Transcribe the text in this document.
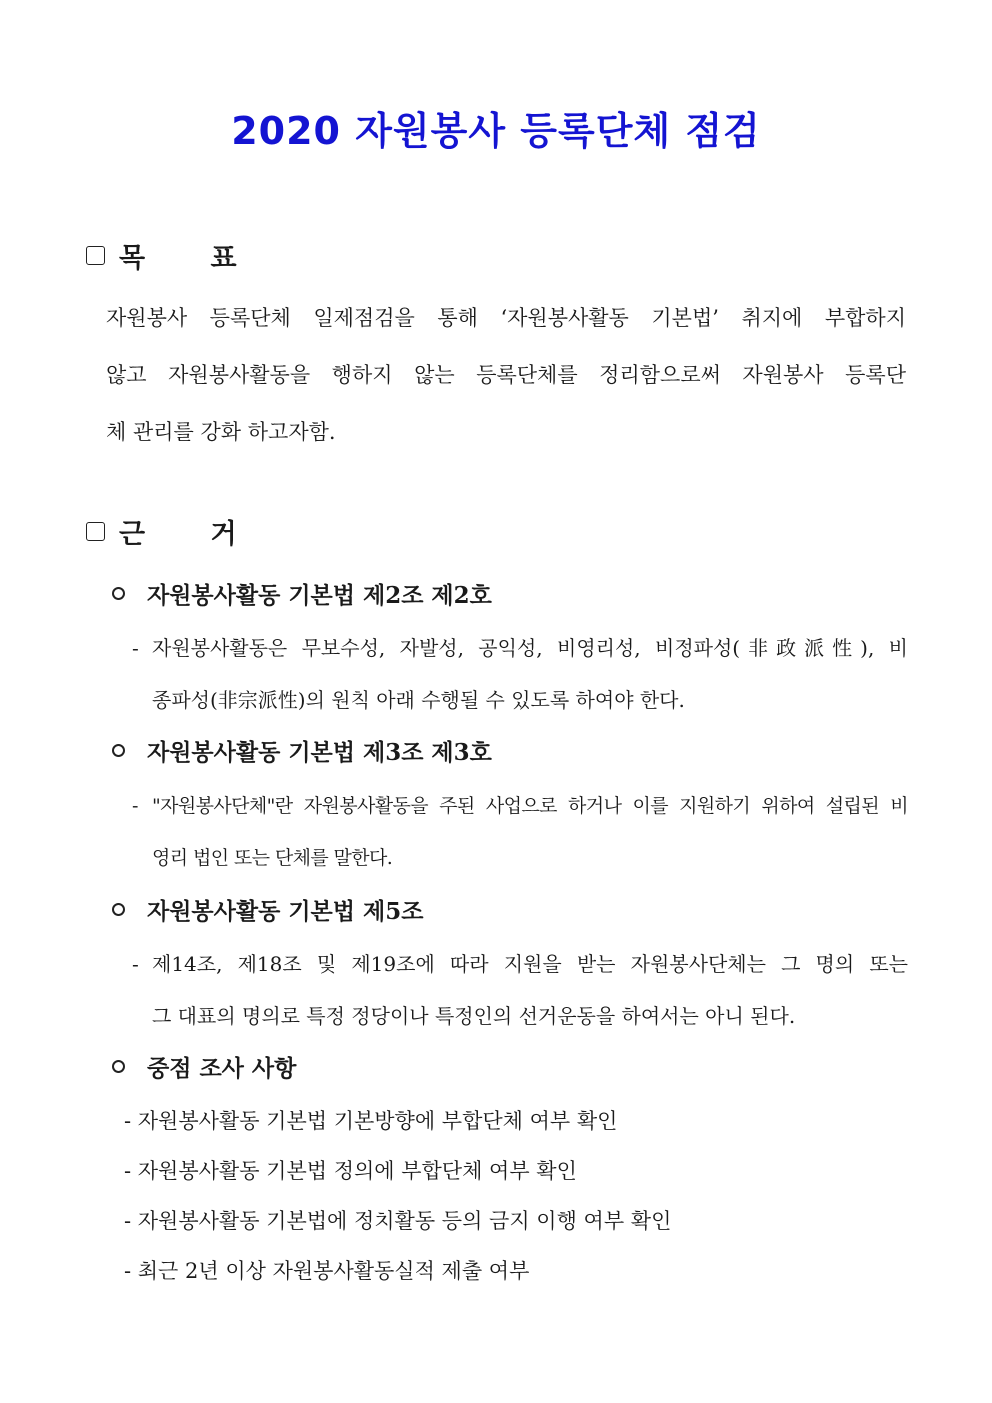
2020 자원봉사 등록단체 점검
목 표
자원봉사 등록단체 일제점검을 통해 ‘자원봉사활동 기본법’ 취지에 부합하지
않고 자원봉사활동을 행하지 않는 등록단체를 정리함으로써 자원봉사 등록단
체 관리를 강화 하고자함.
근 거
자원봉사활동 기본법 제2조 제2호
- 자원봉사활동은 무보수성, 자발성, 공익성, 비영리성, 비정파성(非政派性), 비
종파성(非宗派性)의 원칙 아래 수행될 수 있도록 하여야 한다.
자원봉사활동 기본법 제3조 제3호
- "자원봉사단체"란 자원봉사활동을 주된 사업으로 하거나 이를 지원하기 위하여 설립된 비
영리 법인 또는 단체를 말한다.
자원봉사활동 기본법 제5조
- 제14조, 제18조 및 제19조에 따라 지원을 받는 자원봉사단체는 그 명의 또는
그 대표의 명의로 특정 정당이나 특정인의 선거운동을 하여서는 아니 된다.
중점 조사 사항
- 자원봉사활동 기본법 기본방향에 부합단체 여부 확인
- 자원봉사활동 기본법 정의에 부합단체 여부 확인
- 자원봉사활동 기본법에 정치활동 등의 금지 이행 여부 확인
- 최근 2년 이상 자원봉사활동실적 제출 여부
